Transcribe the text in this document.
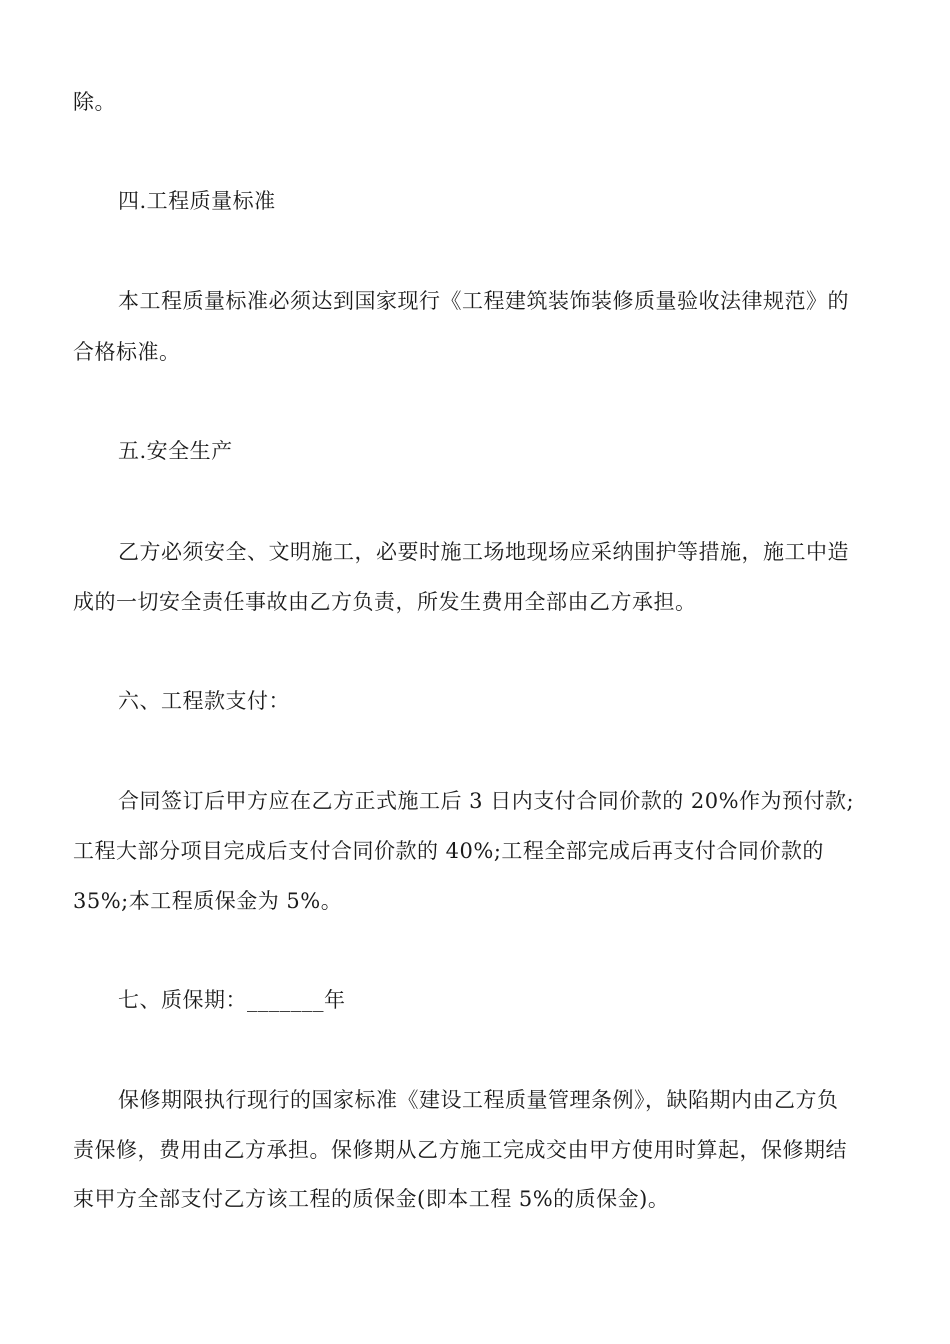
除。
四.工程质量标准
本工程质量标准必须达到国家现行《工程建筑装饰装修质量验收法律规范》的
合格标准。
五.安全生产
乙方必须安全、文明施工，必要时施工场地现场应采纳围护等措施，施工中造
成的一切安全责任事故由乙方负责，所发生费用全部由乙方承担。
六、工程款支付：
合同签订后甲方应在乙方正式施工后 3 日内支付合同价款的 20%作为预付款;
工程大部分项目完成后支付合同价款的 40%;工程全部完成后再支付合同价款的
35%;本工程质保金为 5%。
七、质保期：_______年
保修期限执行现行的国家标准《建设工程质量管理条例》，缺陷期内由乙方负
责保修，费用由乙方承担。保修期从乙方施工完成交由甲方使用时算起，保修期结
束甲方全部支付乙方该工程的质保金(即本工程 5%的质保金)。
